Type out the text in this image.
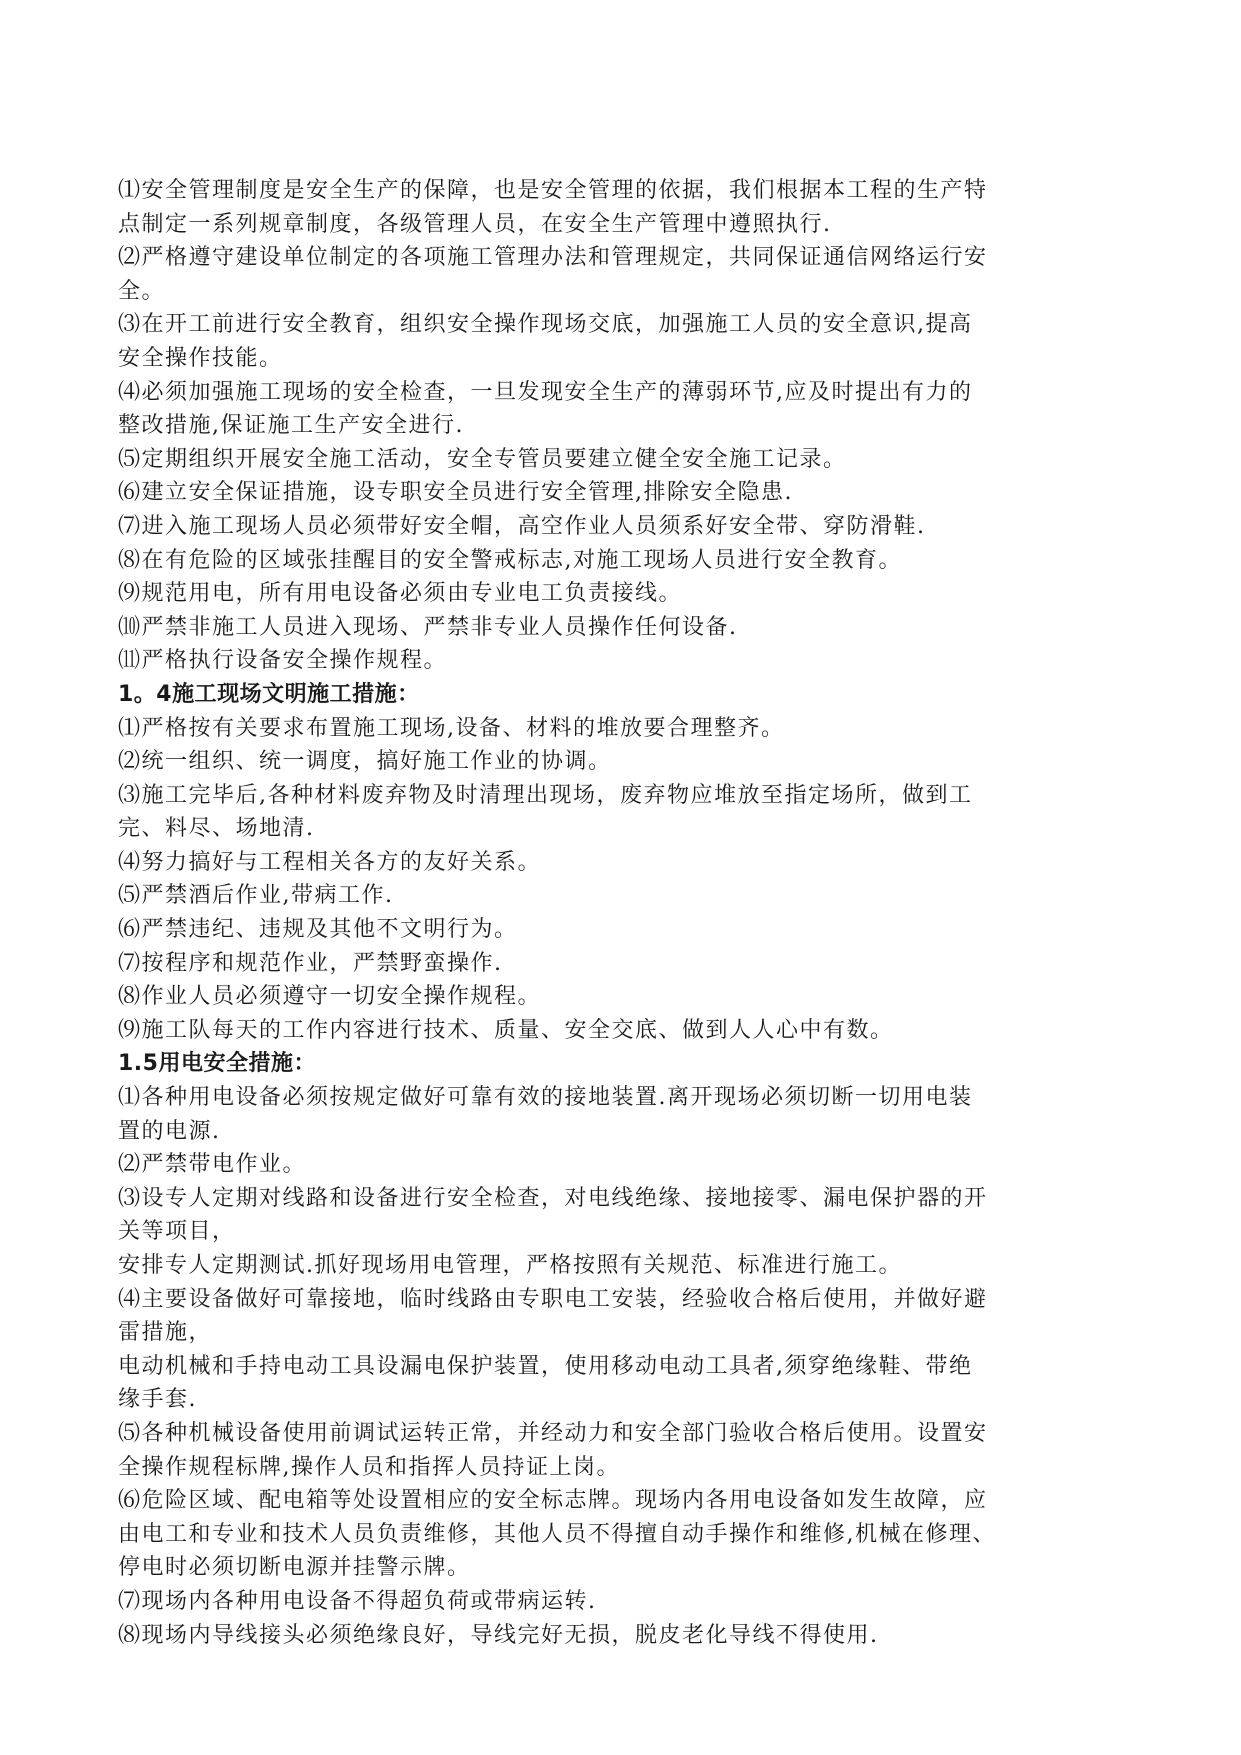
⑴安全管理制度是安全生产的保障，也是安全管理的依据，我们根据本工程的生产特
点制定一系列规章制度，各级管理人员，在安全生产管理中遵照执行.
⑵严格遵守建设单位制定的各项施工管理办法和管理规定，共同保证通信网络运行安
全。
⑶在开工前进行安全教育，组织安全操作现场交底，加强施工人员的安全意识,提高
安全操作技能。
⑷必须加强施工现场的安全检查，一旦发现安全生产的薄弱环节,应及时提出有力的
整改措施,保证施工生产安全进行.
⑸定期组织开展安全施工活动，安全专管员要建立健全安全施工记录。
⑹建立安全保证措施，设专职安全员进行安全管理,排除安全隐患.
⑺进入施工现场人员必须带好安全帽，高空作业人员须系好安全带、穿防滑鞋.
⑻在有危险的区域张挂醒目的安全警戒标志,对施工现场人员进行安全教育。
⑼规范用电，所有用电设备必须由专业电工负责接线。
⑽严禁非施工人员进入现场、严禁非专业人员操作任何设备.
⑾严格执行设备安全操作规程。
1。4施工现场文明施工措施：
⑴严格按有关要求布置施工现场,设备、材料的堆放要合理整齐。
⑵统一组织、统一调度，搞好施工作业的协调。
⑶施工完毕后,各种材料废弃物及时清理出现场，废弃物应堆放至指定场所，做到工
完、料尽、场地清.
⑷努力搞好与工程相关各方的友好关系。
⑸严禁酒后作业,带病工作.
⑹严禁违纪、违规及其他不文明行为。
⑺按程序和规范作业，严禁野蛮操作.
⑻作业人员必须遵守一切安全操作规程。
⑼施工队每天的工作内容进行技术、质量、安全交底、做到人人心中有数。
1.5用电安全措施：
⑴各种用电设备必须按规定做好可靠有效的接地装置.离开现场必须切断一切用电装
置的电源.
⑵严禁带电作业。
⑶设专人定期对线路和设备进行安全检查，对电线绝缘、接地接零、漏电保护器的开
关等项目，
安排专人定期测试.抓好现场用电管理，严格按照有关规范、标准进行施工。
⑷主要设备做好可靠接地，临时线路由专职电工安装，经验收合格后使用，并做好避
雷措施，
电动机械和手持电动工具设漏电保护装置，使用移动电动工具者,须穿绝缘鞋、带绝
缘手套.
⑸各种机械设备使用前调试运转正常，并经动力和安全部门验收合格后使用。设置安
全操作规程标牌,操作人员和指挥人员持证上岗。
⑹危险区域、配电箱等处设置相应的安全标志牌。现场内各用电设备如发生故障，应
由电工和专业和技术人员负责维修，其他人员不得擅自动手操作和维修,机械在修理、
停电时必须切断电源并挂警示牌。
⑺现场内各种用电设备不得超负荷或带病运转.
⑻现场内导线接头必须绝缘良好，导线完好无损，脱皮老化导线不得使用.
